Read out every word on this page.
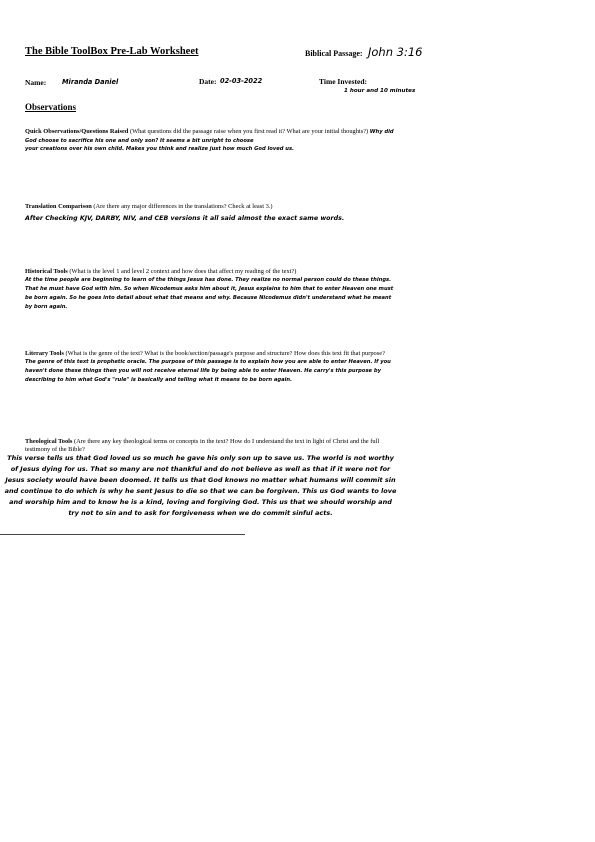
The Bible ToolBox Pre-Lab Worksheet	Biblical Passage: John 3:16
Name: Miranda Daniel	Date: 02-03-2022	Time Invested:
1 hour and 10 minutes
Observations
Quick Observations/Questions Raised (What questions did the passage raise when you first read it? What are your initial thoughts?) Why did God choose to sacrifice his one and only son? It seems a bit unright to choose
your creations over his own child. Makes you think and realize just how much God loved us.
Translation Comparison (Are there any major differences in the translations? Check at least 3.)
After Checking KJV, DARBY, NIV, and CEB versions it all said almost the exact same words.
Historical Tools (What is the level 1 and level 2 context and how does that affect my reading of the text?)
At the time people are beginning to learn of the things Jesus has done. They realize no normal person could do these things. That he must have God with him. So when Nicodemus asks him about it, Jesus explains to him that to enter Heaven one must be born again. So he goes into detail about what that means and why. Because Nicodemus didn't understand what he meant by born again.
Literary Tools (What is the genre of the text? What is the book/section/passage's purpose and structure? How does this text fit that purpose?
The genre of this text is prophetic oracle. The purpose of this passage is to explain how you are able to enter Heaven. If you haven't done these things then you will not receive eternal life by being able to enter Heaven. He carry's this purpose by describing to him what God's "rule" is basically and telling what it means to be born again.
Theological Tools (Are there any key theological terms or concepts in the text? How do I understand the text in light of Christ and the full testimony of the Bible?
This verse tells us that God loved us so much he gave his only son up to save us. The world is not worthy of Jesus dying for us. That so many are not thankful and do not believe as well as that if it were not for Jesus society would have been doomed. It tells us that God knows no matter what humans will commit sin and continue to do which is why he sent Jesus to die so that we can be forgiven. This us God wants to love and worship him and to know he is a kind, loving and forgiving God. This us that we should worship and try not to sin and to ask for forgiveness when we do commit sinful acts.
